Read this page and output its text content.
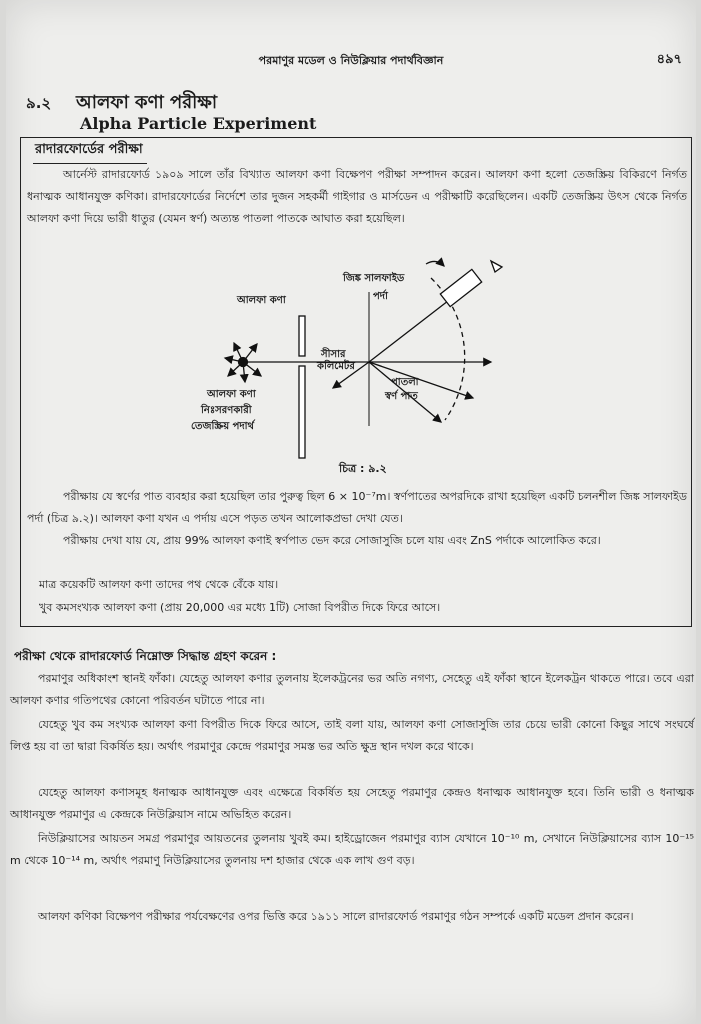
পরমাণুর মডেল ও নিউক্লিয়ার পদার্থবিজ্ঞান	৪৯৭
৯.২ আলফা কণা পরীক্ষা
Alpha Particle Experiment
রাদারফোর্ডের পরীক্ষা

আর্নেস্ট রাদারফোর্ড ১৯০৯ সালে তাঁর বিখ্যাত আলফা কণা বিক্ষেপণ পরীক্ষা সম্পাদন করেন। আলফা কণা হলো তেজস্ক্রিয় বিকিরণে নির্গত ধনাত্মক আধানযুক্ত কণিকা। রাদারফোর্ডের নির্দেশে তার দুজন সহকর্মী গাইগার ও মার্সডেন এ পরীক্ষাটি করেছিলেন। একটি তেজস্ক্রিয় উৎস থেকে নির্গত আলফা কণা দিয়ে ভারী ধাতুর (যেমন স্বর্ণ) অত্যন্ত পাতলা পাতকে আঘাত করা হয়েছিল।

জিঙ্ক সালফাইড
পর্দা
আলফা কণা
সীসার
কলিমেটর
আলফা কণা
নিঃসরণকারী
তেজস্ক্রিয় পদার্থ
পাতলা
স্বর্ণ পাত
চিত্র : ৯.২

পরীক্ষায় যে স্বর্ণের পাত ব্যবহার করা হয়েছিল তার পুরুত্ব ছিল 6 × 10⁻⁷m। স্বর্ণপাতের অপরদিকে রাখা হয়েছিল একটি চলনশীল জিঙ্ক সালফাইড পর্দা (চিত্র ৯.২)। আলফা কণা যখন এ পর্দায় এসে পড়ত তখন আলোকপ্রভা দেখা যেত।

পরীক্ষায় দেখা যায় যে, প্রায় 99% আলফা কণাই স্বর্ণপাত ভেদ করে সোজাসুজি চলে যায় এবং ZnS পর্দাকে আলোকিত করে।

মাত্র কয়েকটি আলফা কণা তাদের পথ থেকে বেঁকে যায়।

খুব কমসংখ্যক আলফা কণা (প্রায় 20,000 এর মধ্যে 1টি) সোজা বিপরীত দিকে ফিরে আসে।

পরীক্ষা থেকে রাদারফোর্ড নিম্নোক্ত সিদ্ধান্ত গ্রহণ করেন :

পরমাণুর অধিকাংশ স্থানই ফাঁকা। যেহেতু আলফা কণার তুলনায় ইলেকট্রনের ভর অতি নগণ্য, সেহেতু এই ফাঁকা স্থানে ইলেকট্রন থাকতে পারে। তবে এরা আলফা কণার গতিপথের কোনো পরিবর্তন ঘটাতে পারে না।

যেহেতু খুব কম সংখ্যক আলফা কণা বিপরীত দিকে ফিরে আসে, তাই বলা যায়, আলফা কণা সোজাসুজি তার চেয়ে ভারী কোনো কিছুর সাথে সংঘর্ষে লিপ্ত হয় বা তা দ্বারা বিকর্ষিত হয়। অর্থাৎ পরমাণুর কেন্দ্রে পরমাণুর সমস্ত ভর অতি ক্ষুদ্র স্থান দখল করে থাকে।

যেহেতু আলফা কণাসমূহ ধনাত্মক আধানযুক্ত এবং এক্ষেত্রে বিকর্ষিত হয় সেহেতু পরমাণুর কেন্দ্রও ধনাত্মক আধানযুক্ত হবে। তিনি ভারী ও ধনাত্মক আধানযুক্ত পরমাণুর এ কেন্দ্রকে নিউক্লিয়াস নামে অভিহিত করেন।

নিউক্লিয়াসের আয়তন সমগ্র পরমাণুর আয়তনের তুলনায় খুবই কম। হাইড্রোজেন পরমাণুর ব্যাস যেখানে 10⁻¹⁰ m, সেখানে নিউক্লিয়াসের ব্যাস 10⁻¹⁵ m থেকে 10⁻¹⁴ m, অর্থাৎ পরমাণু নিউক্লিয়াসের তুলনায় দশ হাজার থেকে এক লাখ গুণ বড়।

আলফা কণিকা বিক্ষেপণ পরীক্ষার পর্যবেক্ষণের ওপর ভিত্তি করে ১৯১১ সালে রাদারফোর্ড পরমাণুর গঠন সম্পর্কে একটি মডেল প্রদান করেন।
